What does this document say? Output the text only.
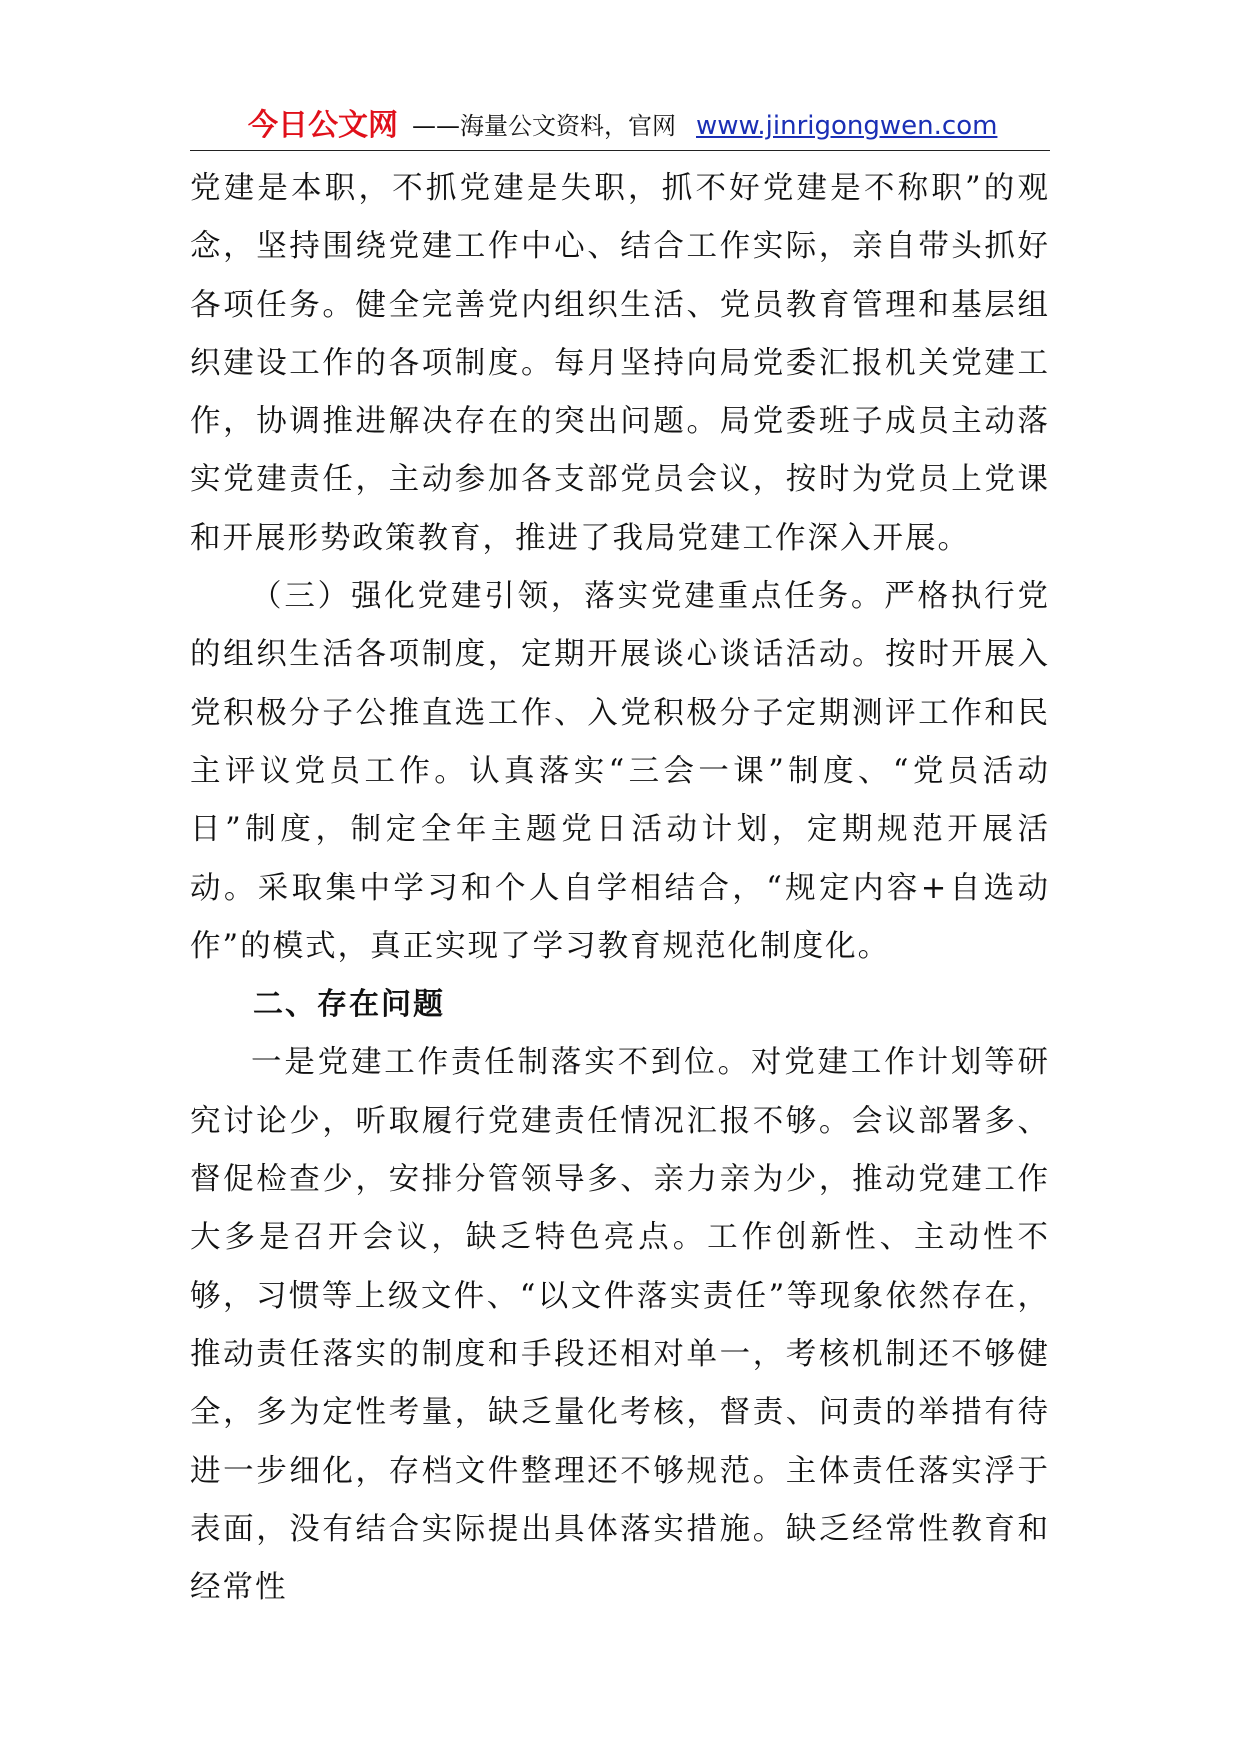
今日公文网 ——海量公文资料，官网 www.jinrigongwen.com

党建是本职，不抓党建是失职，抓不好党建是不称职”的观念，坚持围绕党建工作中心、结合工作实际，亲自带头抓好各项任务。健全完善党内组织生活、党员教育管理和基层组织建设工作的各项制度。每月坚持向局党委汇报机关党建工作，协调推进解决存在的突出问题。局党委班子成员主动落实党建责任，主动参加各支部党员会议，按时为党员上党课和开展形势政策教育，推进了我局党建工作深入开展。

（三）强化党建引领，落实党建重点任务。严格执行党的组织生活各项制度，定期开展谈心谈话活动。按时开展入党积极分子公推直选工作、入党积极分子定期测评工作和民主评议党员工作。认真落实“三会一课”制度、“党员活动日”制度，制定全年主题党日活动计划，定期规范开展活动。采取集中学习和个人自学相结合，“规定内容+自选动作”的模式，真正实现了学习教育规范化制度化。

二、存在问题

一是党建工作责任制落实不到位。对党建工作计划等研究讨论少，听取履行党建责任情况汇报不够。会议部署多、督促检查少，安排分管领导多、亲力亲为少，推动党建工作大多是召开会议，缺乏特色亮点。工作创新性、主动性不够，习惯等上级文件、“以文件落实责任”等现象依然存在，推动责任落实的制度和手段还相对单一，考核机制还不够健全，多为定性考量，缺乏量化考核，督责、问责的举措有待进一步细化，存档文件整理还不够规范。主体责任落实浮于表面，没有结合实际提出具体落实措施。缺乏经常性教育和经常性
